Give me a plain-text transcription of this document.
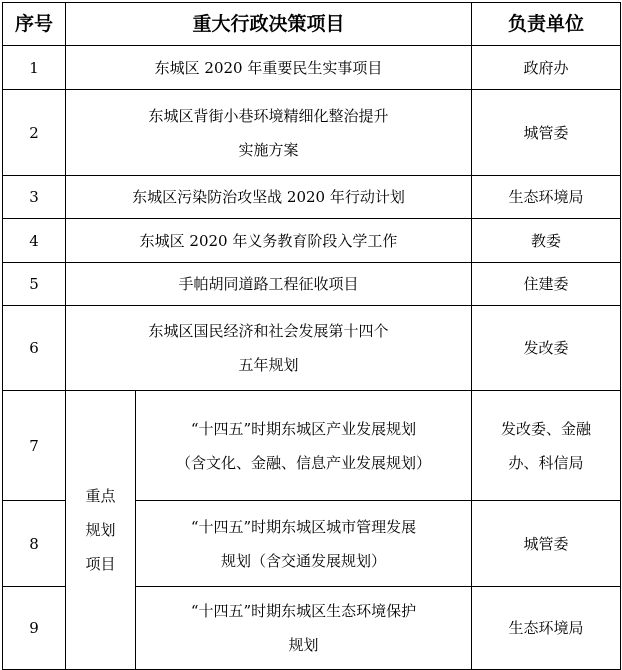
序号	重大行政决策项目		负责单位
1	东城区 2020 年重要民生实事项目		政府办
2	东城区背街小巷环境精细化整治提升
实施方案		城管委
3	东城区污染防治攻坚战 2020 年行动计划		生态环境局
4	东城区 2020 年义务教育阶段入学工作		教委
5	手帕胡同道路工程征收项目		住建委
6	东城区国民经济和社会发展第十四个
五年规划		发改委
7	重点
规划
项目	“十四五”时期东城区产业发展规划
（含文化、金融、信息产业发展规划）	发改委、金融
办、科信局

8		“十四五”时期东城区城市管理发展
规划（含交通发展规划）	城管委
9		“十四五”时期东城区生态环境保护
规划	生态环境局
